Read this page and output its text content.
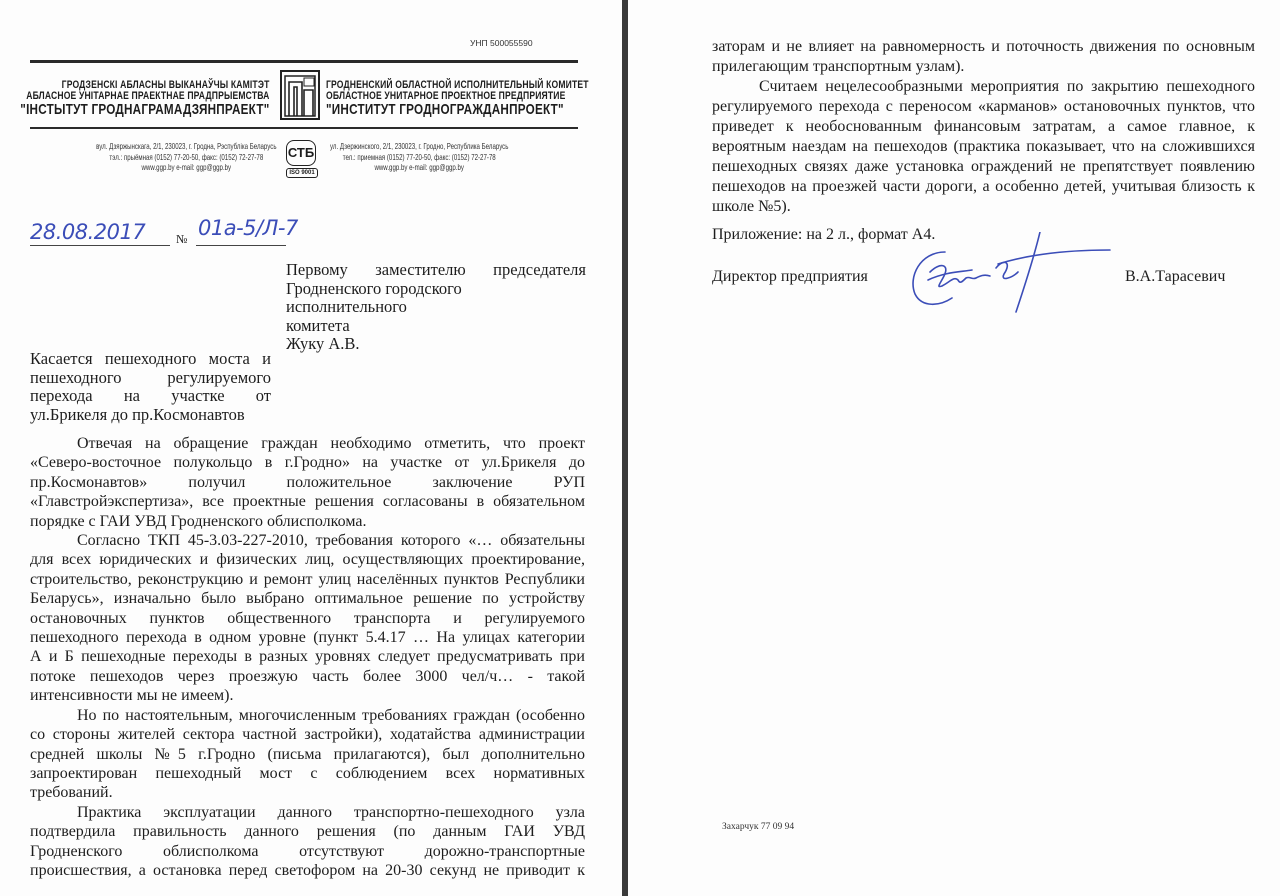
УНП 500055590
ГРОДЗЕНСКІ АБЛАСНЫ ВЫКАНАЎЧЫ КАМІТЭТ
АБЛАСНОЕ УНІТАРНАЕ ПРАЕКТНАЕ ПРАДПРЫЕМСТВА
"ІНСТЫТУТ ГРОДНАГРАМАДЗЯНПРАЕКТ"
ГРОДНЕНСКИЙ ОБЛАСТНОЙ ИСПОЛНИТЕЛЬНЫЙ КОМИТЕТ
ОБЛАСТНОЕ УНИТАРНОЕ ПРОЕКТНОЕ ПРЕДПРИЯТИЕ
"ИНСТИТУТ ГРОДНОГРАЖДАНПРОЕКТ"
вул. Дзяржынскага, 2/1, 230023, г. Гродна, Рэспубліка Беларусь
тэл.: прыёмная (0152) 77-20-50, факс: (0152) 72-27-78
www.ggp.by e-mail: ggp@ggp.by
СТБ
ISO 9001
ул. Дзержинского, 2/1, 230023, г. Гродно, Республика Беларусь
тел.: приемная (0152) 77-20-50, факс: (0152) 72-27-78
www.ggp.by e-mail: ggp@ggp.by
28.08.2017	№ 01а-5/Л-7
Первому заместителю председателя
Гродненского городского исполнительного
комитета
Жуку А.В.
Касается пешеходного моста и
пешеходного регулируемого
перехода на участке от
ул.Брикеля до пр.Космонавтов
Отвечая на обращение граждан необходимо отметить, что проект
«Северо-восточное полукольцо в г.Гродно» на участке от ул.Брикеля до
пр.Космонавтов» получил положительное заключение РУП
«Главстройэкспертиза», все проектные решения согласованы в обязательном
порядке с ГАИ УВД Гродненского облисполкома.
Согласно ТКП 45-3.03-227-2010, требования которого «… обязательны
для всех юридических и физических лиц, осуществляющих проектирование,
строительство, реконструкцию и ремонт улиц населённых пунктов Республики
Беларусь», изначально было выбрано оптимальное решение по устройству
остановочных пунктов общественного транспорта и регулируемого
пешеходного перехода в одном уровне (пункт 5.4.17 … На улицах категории
А и Б пешеходные переходы в разных уровнях следует предусматривать при
потоке пешеходов через проезжую часть более 3000 чел/ч… - такой
интенсивности мы не имеем).
Но по настоятельным, многочисленным требованиях граждан (особенно
со стороны жителей сектора частной застройки), ходатайства администрации
средней школы №5 г.Гродно (письма прилагаются), был дополнительно
запроектирован пешеходный мост с соблюдением всех нормативных
требований.
Практика эксплуатации данного транспортно-пешеходного узла
подтвердила правильность данного решения (по данным ГАИ УВД
Гродненского облисполкома отсутствуют дорожно-транспортные
происшествия, а остановка перед светофором на 20-30 секунд не приводит к
заторам и не влияет на равномерность и поточность движения по основным
прилегающим транспортным узлам).
Считаем нецелесообразными мероприятия по закрытию пешеходного
регулируемого перехода с переносом «карманов» остановочных пунктов, что
приведет к необоснованным финансовым затратам, а самое главное, к
вероятным наездам на пешеходов (практика показывает, что на сложившихся
пешеходных связях даже установка ограждений не препятствует появлению
пешеходов на проезжей части дороги, а особенно детей, учитывая близость к
школе №5).
Приложение: на 2 л., формат А4.
Директор предприятия	В.А.Тарасевич
Захарчук 77 09 94
